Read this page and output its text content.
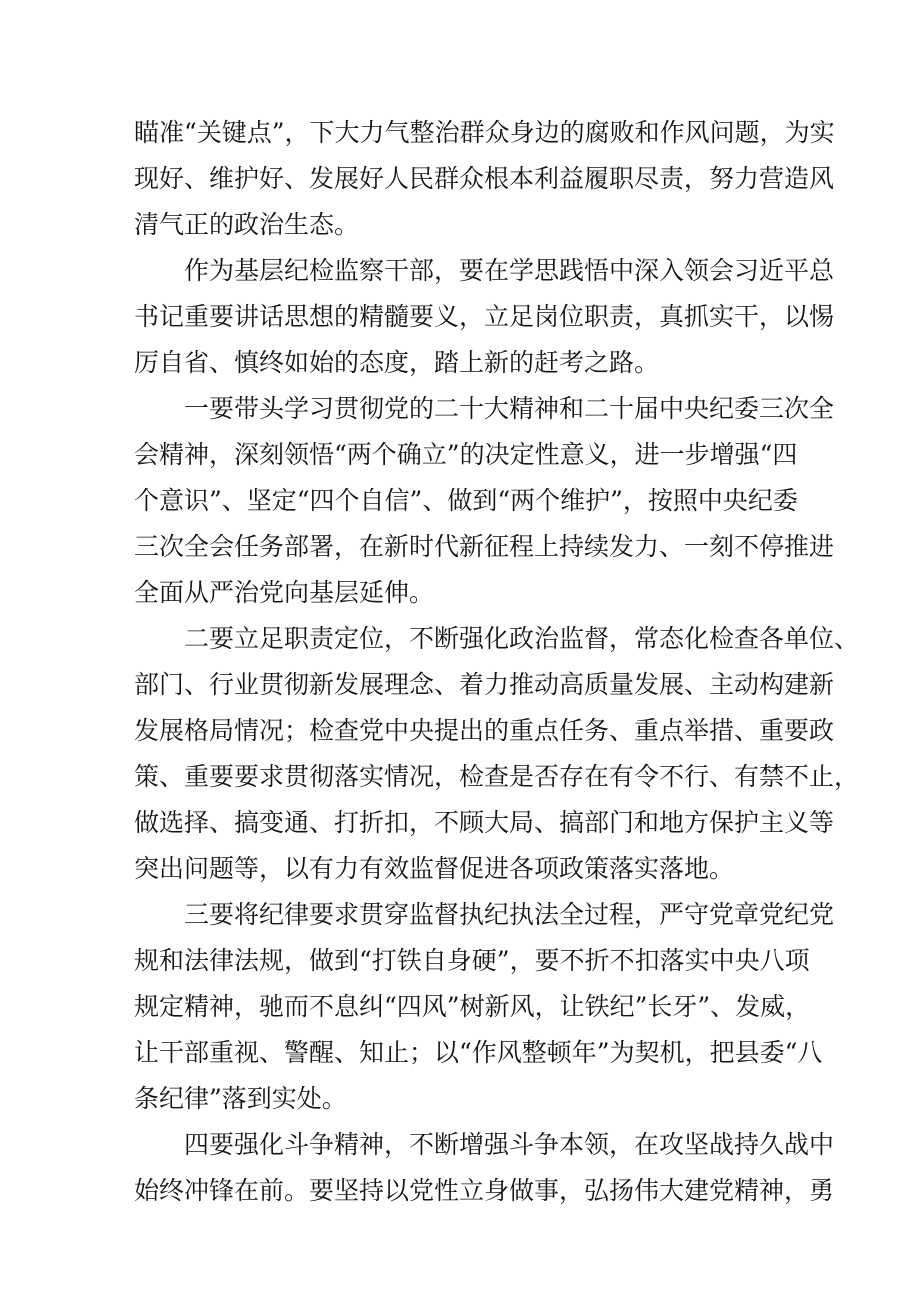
瞄准“关键点”，下大力气整治群众身边的腐败和作风问题，为实
现好、维护好、发展好人民群众根本利益履职尽责，努力营造风
清气正的政治生态。
作为基层纪检监察干部，要在学思践悟中深入领会习近平总
书记重要讲话思想的精髓要义，立足岗位职责，真抓实干，以惕
厉自省、慎终如始的态度，踏上新的赶考之路。
一要带头学习贯彻党的二十大精神和二十届中央纪委三次全
会精神，深刻领悟“两个确立”的决定性意义，进一步增强“四
个意识”、坚定“四个自信”、做到“两个维护”，按照中央纪委
三次全会任务部署，在新时代新征程上持续发力、一刻不停推进
全面从严治党向基层延伸。
二要立足职责定位，不断强化政治监督，常态化检查各单位、
部门、行业贯彻新发展理念、着力推动高质量发展、主动构建新
发展格局情况；检查党中央提出的重点任务、重点举措、重要政
策、重要要求贯彻落实情况，检查是否存在有令不行、有禁不止，
做选择、搞变通、打折扣，不顾大局、搞部门和地方保护主义等
突出问题等，以有力有效监督促进各项政策落实落地。
三要将纪律要求贯穿监督执纪执法全过程，严守党章党纪党
规和法律法规，做到“打铁自身硬”，要不折不扣落实中央八项
规定精神，驰而不息纠“四风”树新风，让铁纪”长牙”、发威，
让干部重视、警醒、知止；以“作风整顿年”为契机，把县委“八
条纪律”落到实处。
四要强化斗争精神，不断增强斗争本领，在攻坚战持久战中
始终冲锋在前。要坚持以党性立身做事，弘扬伟大建党精神，勇
